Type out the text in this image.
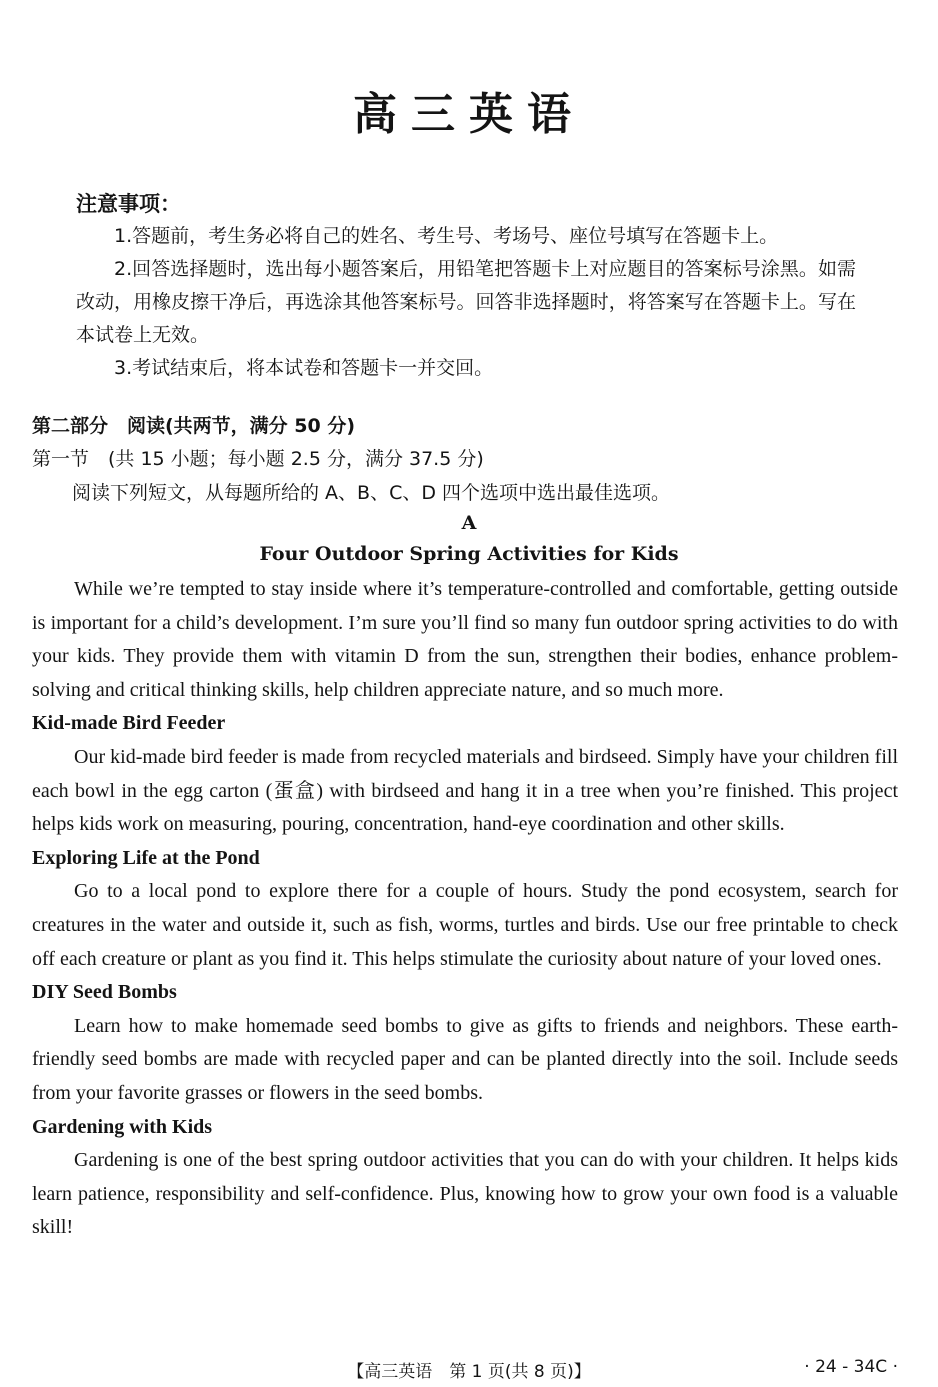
高三英语
注意事项：

1.答题前，考生务必将自己的姓名、考生号、考场号、座位号填写在答题卡上。

2.回答选择题时，选出每小题答案后，用铅笔把答题卡上对应题目的答案标号涂黑。如需改动，用橡皮擦干净后，再选涂其他答案标号。回答非选择题时，将答案写在答题卡上。写在本试卷上无效。

3.考试结束后，将本试卷和答题卡一并交回。

第二部分　阅读(共两节，满分 50 分)
第一节　(共 15 小题；每小题 2.5 分，满分 37.5 分)
阅读下列短文，从每题所给的 A、B、C、D 四个选项中选出最佳选项。
A
Four Outdoor Spring Activities for Kids

While we’re tempted to stay inside where it’s temperature-controlled and comfortable, getting outside is important for a child’s development. I’m sure you’ll find so many fun outdoor spring activities to do with your kids. They provide them with vitamin D from the sun, strengthen their bodies, enhance problem-solving and critical thinking skills, help children appreciate nature, and so much more.

Kid-made Bird Feeder

Our kid-made bird feeder is made from recycled materials and birdseed. Simply have your children fill each bowl in the egg carton (蛋盒) with birdseed and hang it in a tree when you’re finished. This project helps kids work on measuring, pouring, concentration, hand-eye coordination and other skills.

Exploring Life at the Pond

Go to a local pond to explore there for a couple of hours. Study the pond ecosystem, search for creatures in the water and outside it, such as fish, worms, turtles and birds. Use our free printable to check off each creature or plant as you find it. This helps stimulate the curiosity about nature of your loved ones.

DIY Seed Bombs

Learn how to make homemade seed bombs to give as gifts to friends and neighbors. These earth-friendly seed bombs are made with recycled paper and can be planted directly into the soil. Include seeds from your favorite grasses or flowers in the seed bombs.

Gardening with Kids

Gardening is one of the best spring outdoor activities that you can do with your children. It helps kids learn patience, responsibility and self-confidence. Plus, knowing how to grow your own food is a valuable skill!

【高三英语　第 1 页(共 8 页)】	· 24 - 34C ·
